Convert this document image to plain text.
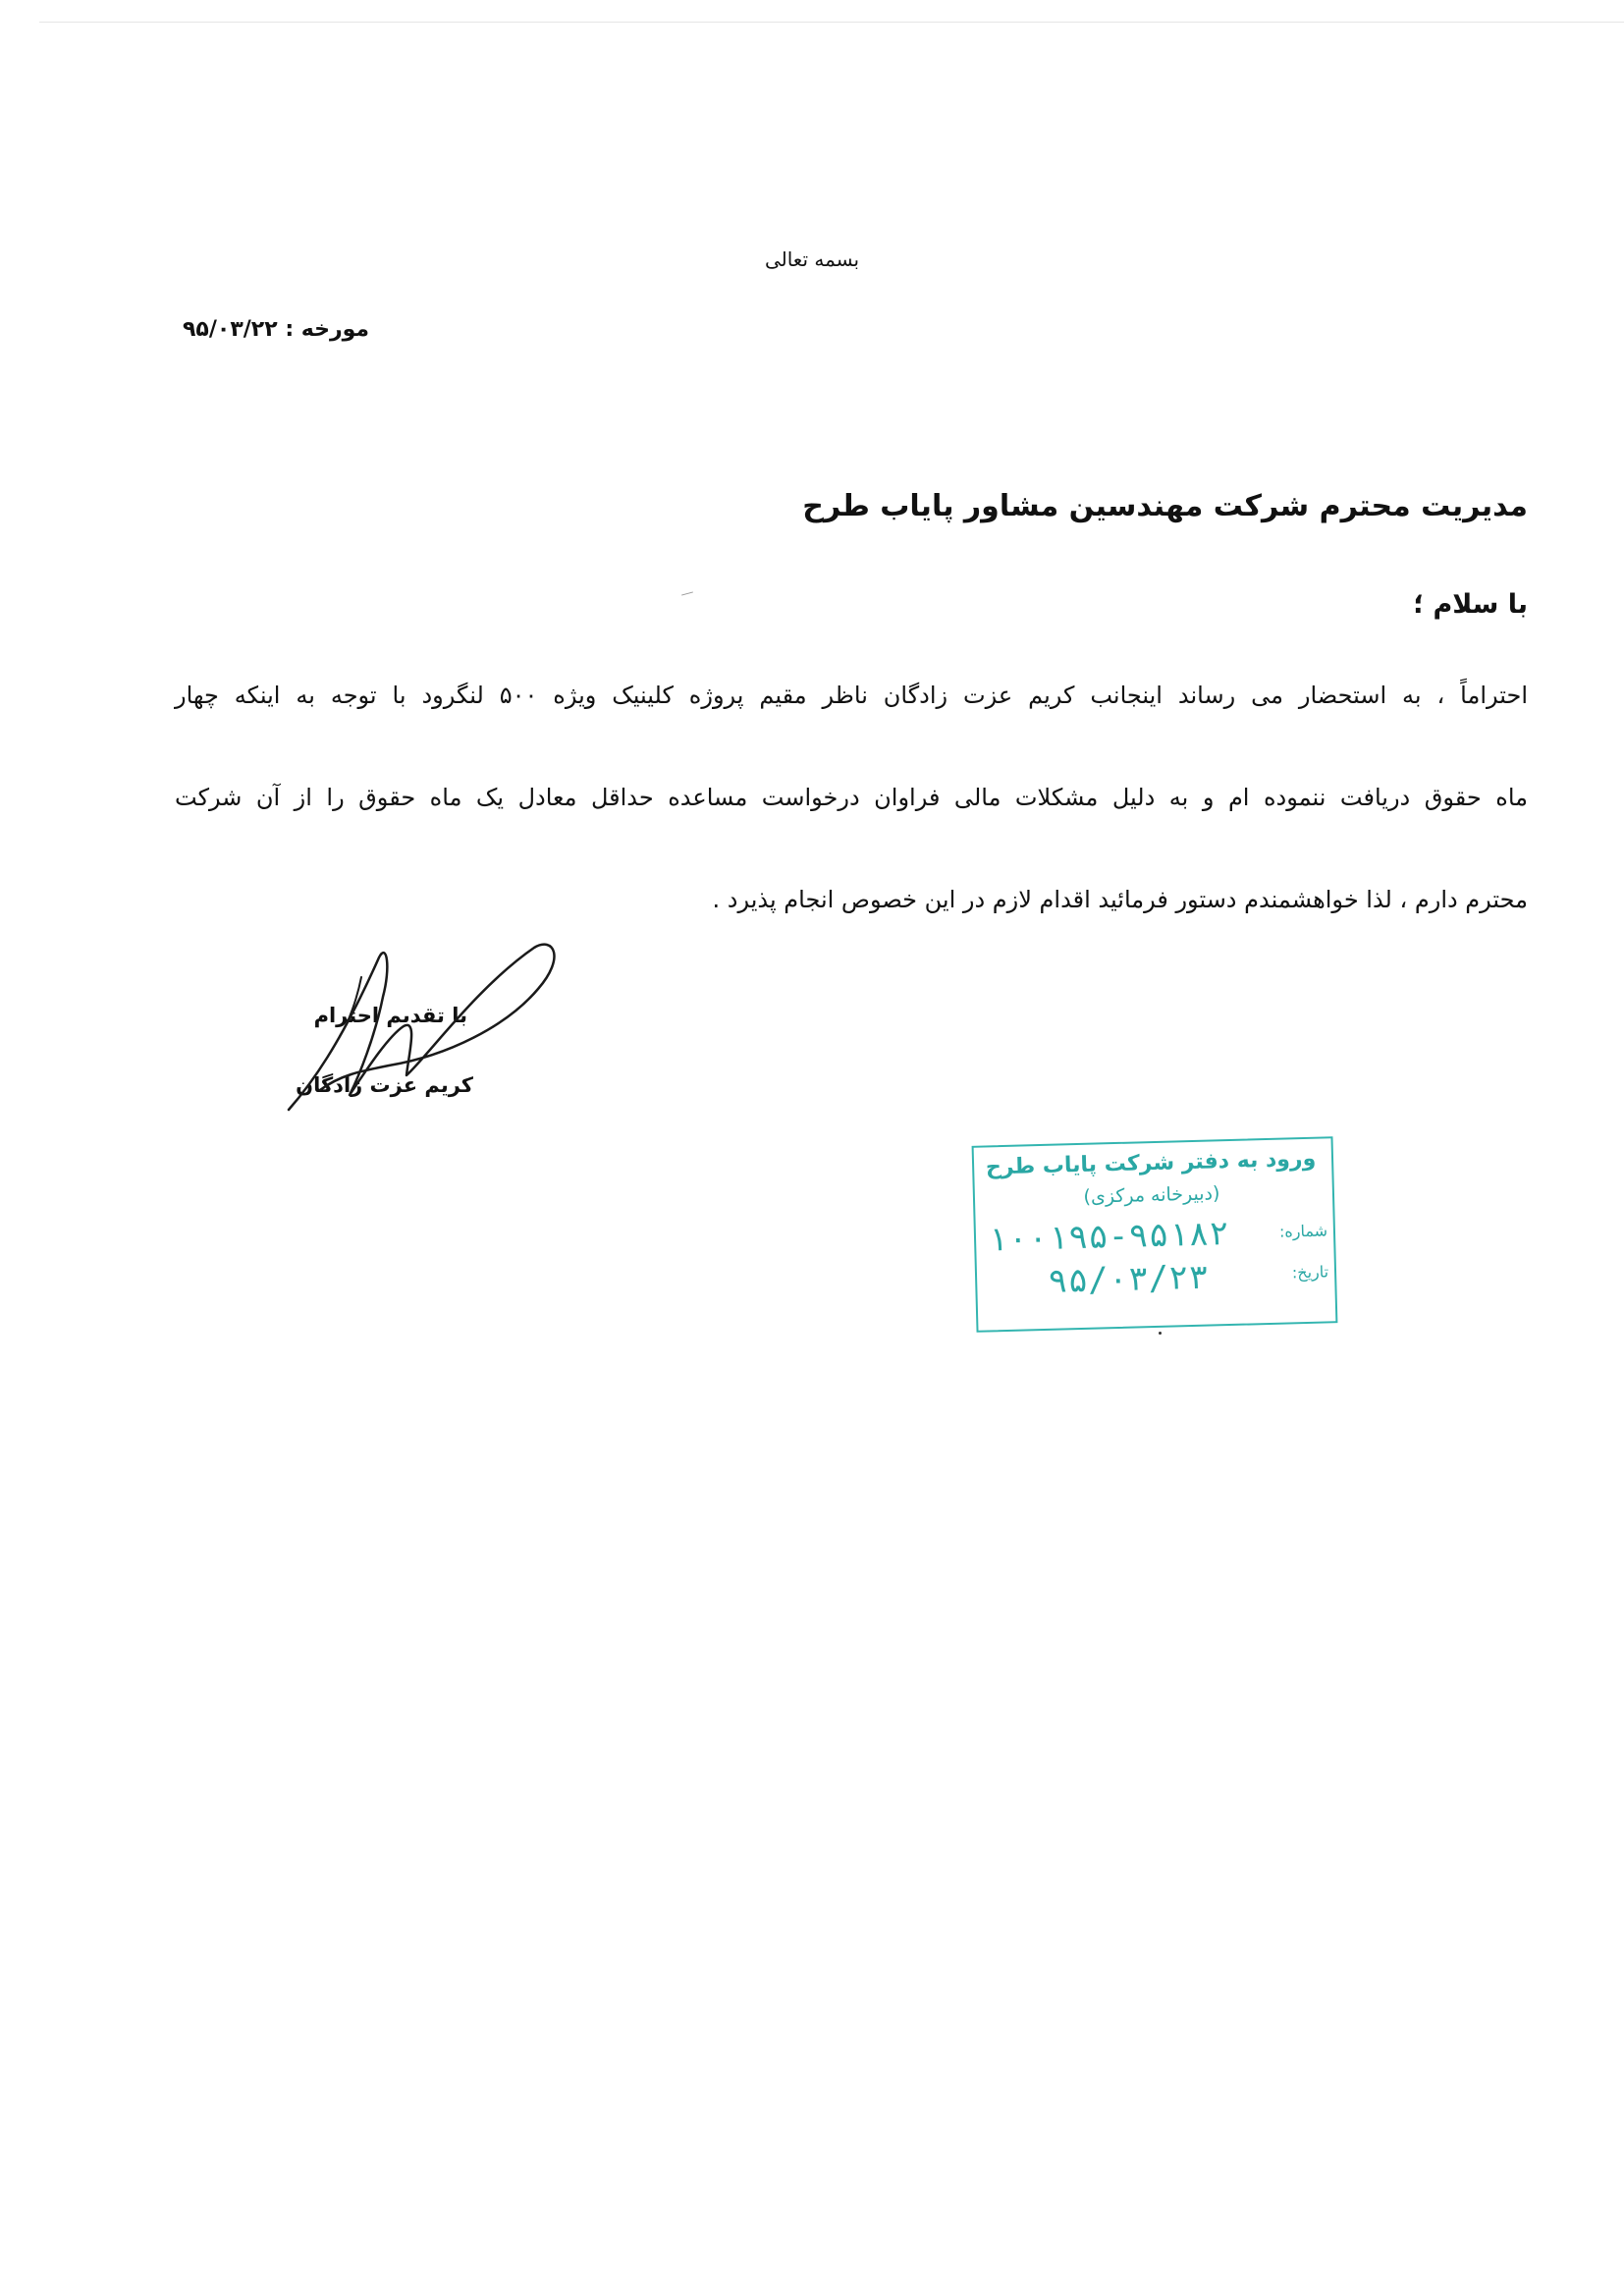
بسمه تعالی
مورخه : ۹۵/۰۳/۲۲
مدیریت محترم شرکت مهندسین مشاور پایاب طرح
با سلام ؛

احتراماً ، به استحضار می رساند اینجانب کریم عزت زادگان ناظر مقیم پروژه کلینیک ویژه ۵۰۰ لنگرود با توجه به اینکه چهار

ماه حقوق دریافت ننموده ام و به دلیل مشکلات مالی فراوان درخواست مساعده حداقل معادل یک ماه حقوق را از آن شرکت

محترم دارم ، لذا خواهشمندم دستور فرمائید اقدام لازم در این خصوص انجام پذیرد .

با تقدیم احترام
کریم عزت زادگان
ورود به دفتر شرکت پایاب طرح
(دبیرخانه مرکزی)
شماره:
۱۰۰۱۹۵-۹۵۱۸۲
تاریخ:
۹۵/۰۳/۲۳
